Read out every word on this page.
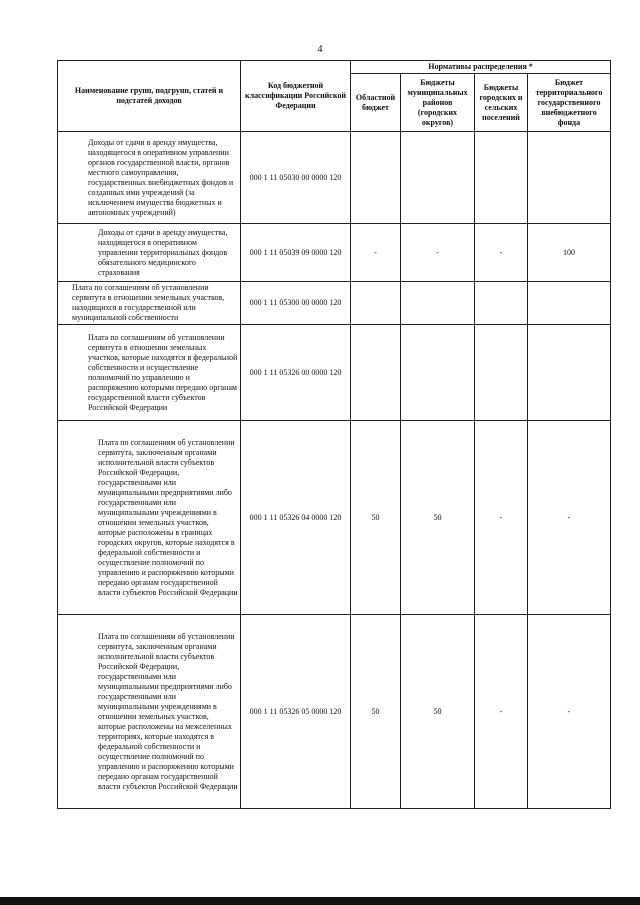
4
Наименование групп, подгрупп, статей и подстатей доходов	Код бюджетной классификации Российской Федерации	Нормативы распределения *			
		Областной бюджет	Бюджеты муниципальных районов (городских округов)	Бюджеты городских и сельских поселений	Бюджет территориального государственного внебюджетного фонда
Доходы от сдачи в аренду имущества, находящегося в оперативном управлении органов государственной власти, органов местного самоуправления, государственных внебюджетных фондов и созданных ими учреждений (за исключением имущества бюджетных и автономных учреждений)	000 1 11 05030 00 0000 120				
Доходы от сдачи в аренду имущества, находящегося в оперативном управлении территориальных фондов обязательного медицинского страхования	000 1 11 05039 09 0000 120	-	-	-	100
Плата по соглашениям об установлении сервитута в отношении земельных участков, находящихся в государственной или муниципальной собственности	000 1 11 05300 00 0000 120				
Плата по соглашениям об установлении сервитута в отношении земельных участков, которые находятся в федеральной собственности и осуществление полномочий по управлению и распоряжению которыми передано органам государственной власти субъектов Российской Федерации	000 1 11 05326 00 0000 120				
Плата по соглашениям об установлении сервитута, заключенным органами исполнительной власти субъектов Российской Федерации, государственными или муниципальными предприятиями либо государственными или муниципальными учреждениями в отношении земельных участков, которые расположены в границах городских округов, которые находятся в федеральной собственности и осуществление полномочий по управлению и распоряжению которыми передано органам государственной власти субъектов Российской Федерации	000 1 11 05326 04 0000 120	50	50	-	-
Плата по соглашениям об установлении сервитута, заключенным органами исполнительной власти субъектов Российской Федерации, государственными или муниципальными предприятиями либо государственными или муниципальными учреждениями в отношении земельных участков, которые расположены на межселенных территориях, которые находятся в федеральной собственности и осуществление полномочий по управлению и распоряжению которыми передано органам государственной власти субъектов Российской Федерации	000 1 11 05326 05 0000 120	50	50	-	-
